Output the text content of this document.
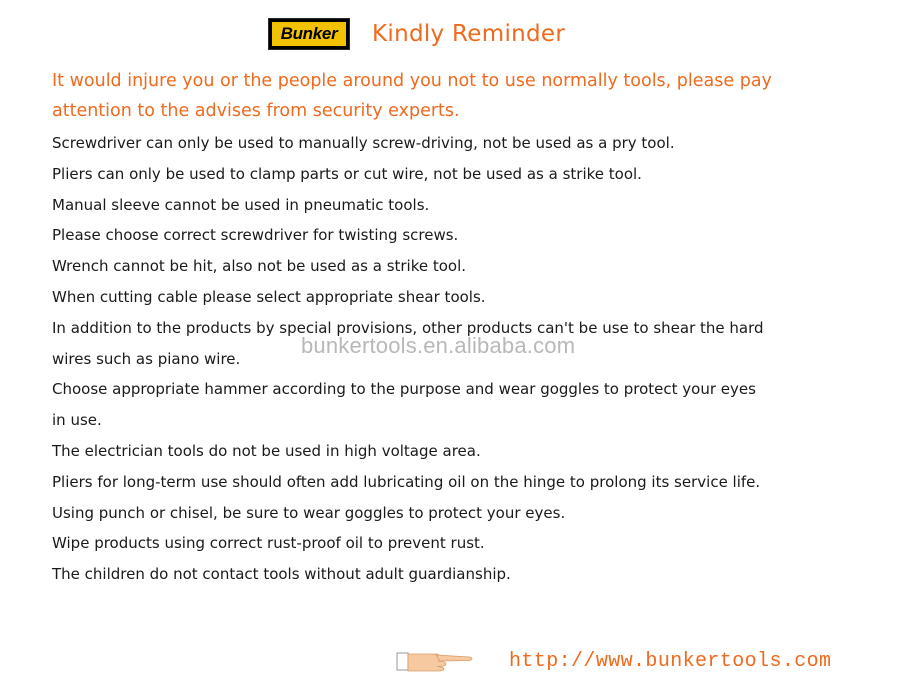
Bunker	Kindly Reminder
It would injure you or the people around you not to use normally tools, please pay attention to the advises from security experts.
Screwdriver can only be used to manually screw-driving, not be used as a pry tool.
Pliers can only be used to clamp parts or cut wire, not be used as a strike tool.
Manual sleeve cannot be used in pneumatic tools.
Please choose correct screwdriver for twisting screws.
Wrench cannot be hit, also not be used as a strike tool.
When cutting cable please select appropriate shear tools.
In addition to the products by special provisions, other products can't be use to shear the hard wires such as piano wire.
Choose appropriate hammer according to the purpose and wear goggles to protect your eyes in use.
The electrician tools do not be used in high voltage area.
Pliers for long-term use should often add lubricating oil on the hinge to prolong its service life.
Using punch or chisel, be sure to wear goggles to protect your eyes.
Wipe products using correct rust-proof oil to prevent rust.
The children do not contact tools without adult guardianship.
bunkertools.en.alibaba.com
http://www.bunkertools.com
